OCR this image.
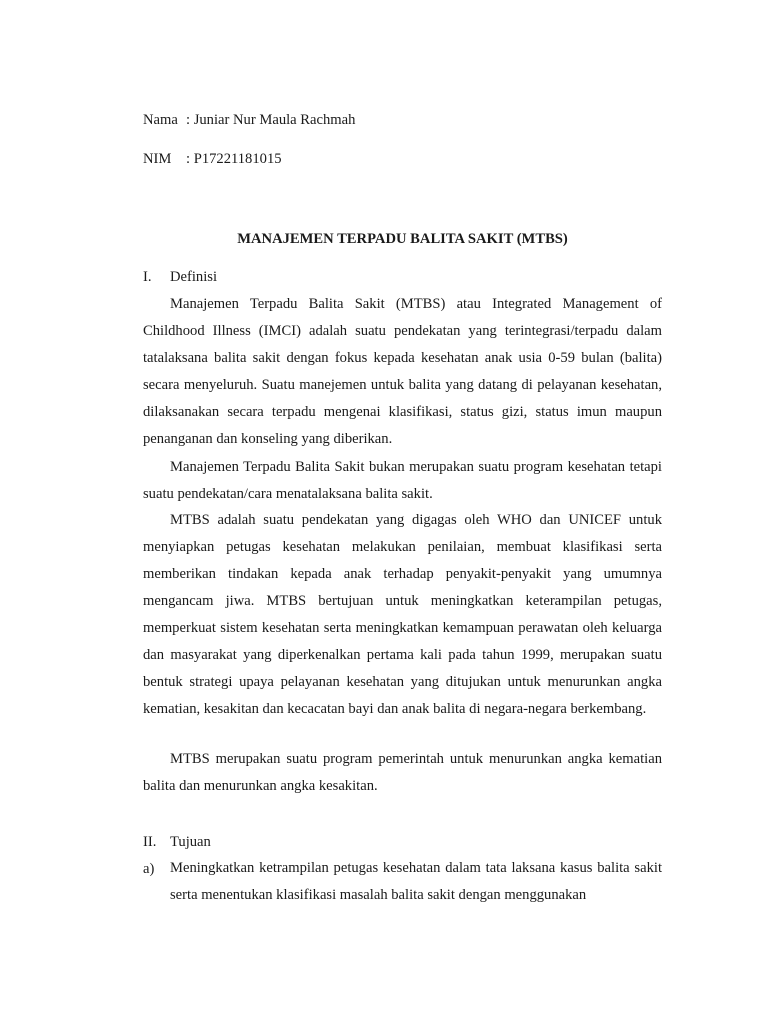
Nama : Juniar Nur Maula Rachmah
NIM : P17221181015
MANAJEMEN TERPADU BALITA SAKIT (MTBS)
I. Definisi

Manajemen Terpadu Balita Sakit (MTBS) atau Integrated Management of Childhood Illness (IMCI) adalah suatu pendekatan yang terintegrasi/terpadu dalam tatalaksana balita sakit dengan fokus kepada kesehatan anak usia 0-59 bulan (balita) secara menyeluruh. Suatu manejemen untuk balita yang datang di pelayanan kesehatan, dilaksanakan secara terpadu mengenai klasifikasi, status gizi, status imun maupun penanganan dan konseling yang diberikan.

Manajemen Terpadu Balita Sakit bukan merupakan suatu program kesehatan tetapi suatu pendekatan/cara menatalaksana balita sakit.

MTBS adalah suatu pendekatan yang digagas oleh WHO dan UNICEF untuk menyiapkan petugas kesehatan melakukan penilaian, membuat klasifikasi serta memberikan tindakan kepada anak terhadap penyakit-penyakit yang umumnya mengancam jiwa. MTBS bertujuan untuk meningkatkan keterampilan petugas, memperkuat sistem kesehatan serta meningkatkan kemampuan perawatan oleh keluarga dan masyarakat yang diperkenalkan pertama kali pada tahun 1999, merupakan suatu bentuk strategi upaya pelayanan kesehatan yang ditujukan untuk menurunkan angka kematian, kesakitan dan kecacatan bayi dan anak balita di negara-negara berkembang.

MTBS merupakan suatu program pemerintah untuk menurunkan angka kematian balita dan menurunkan angka kesakitan.

II. Tujuan
a) Meningkatkan ketrampilan petugas kesehatan dalam tata laksana kasus balita sakit serta menentukan klasifikasi masalah balita sakit dengan menggunakan
